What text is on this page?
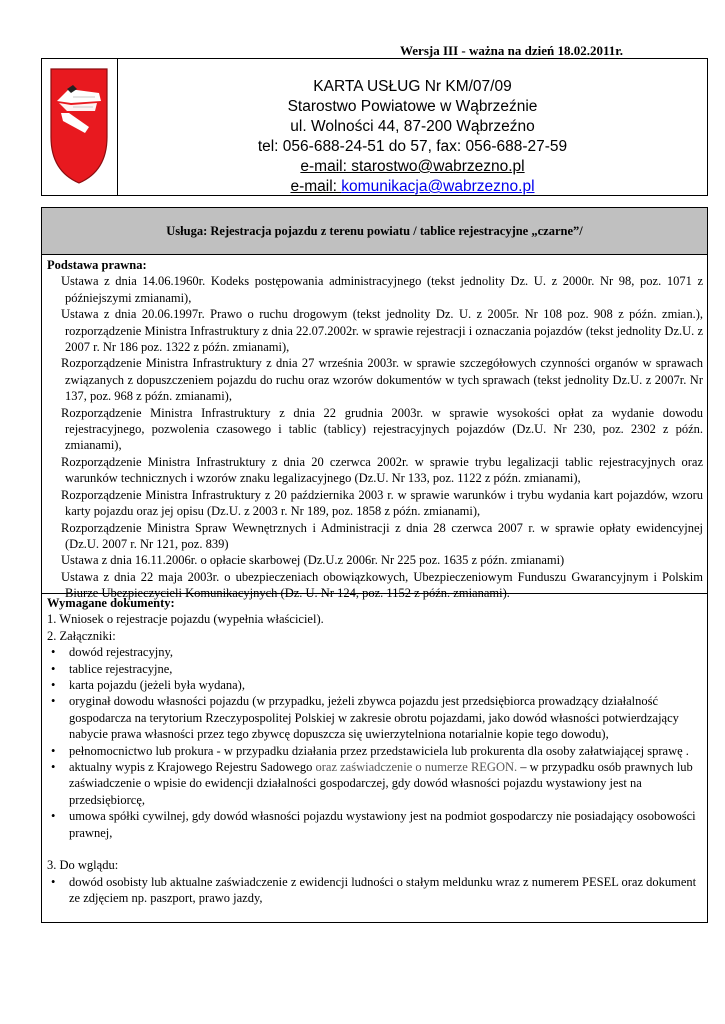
Wersja III - ważna na dzień 18.02.2011r.
KARTA USŁUG Nr KM/07/09
Starostwo Powiatowe w Wąbrzeźnie
ul. Wolności 44, 87-200 Wąbrzeźno
tel: 056-688-24-51 do 57, fax: 056-688-27-59
e-mail: starostwo@wabrzezno.pl
e-mail: komunikacja@wabrzezno.pl
Usługa: Rejestracja pojazdu z terenu powiatu / tablice rejestracyjne „czarne”/
Podstawa prawna:
Ustawa z dnia 14.06.1960r. Kodeks postępowania administracyjnego (tekst jednolity Dz. U. z 2000r. Nr 98, poz. 1071 z późniejszymi zmianami),
Ustawa z dnia 20.06.1997r. Prawo o ruchu drogowym (tekst jednolity Dz. U. z 2005r. Nr 108 poz. 908 z późn. zmian.), rozporządzenie Ministra Infrastruktury z dnia 22.07.2002r. w sprawie rejestracji i oznaczania pojazdów (tekst jednolity Dz.U. z 2007 r. Nr 186 poz. 1322 z późn. zmianami),
Rozporządzenie Ministra Infrastruktury z dnia 27 września 2003r. w sprawie szczegółowych czynności organów w sprawach związanych z dopuszczeniem pojazdu do ruchu oraz wzorów dokumentów w tych sprawach (tekst jednolity Dz.U. z 2007r. Nr 137, poz. 968 z późn. zmianami),
Rozporządzenie Ministra Infrastruktury z dnia 22 grudnia 2003r. w sprawie wysokości opłat za wydanie dowodu rejestracyjnego, pozwolenia czasowego i tablic (tablicy) rejestracyjnych pojazdów (Dz.U. Nr 230, poz. 2302 z późn. zmianami),
Rozporządzenie Ministra Infrastruktury z dnia 20 czerwca 2002r. w sprawie trybu legalizacji tablic rejestracyjnych oraz warunków technicznych i wzorów znaku legalizacyjnego (Dz.U. Nr 133, poz. 1122 z późn. zmianami),
Rozporządzenie Ministra Infrastruktury z 20 października 2003 r. w sprawie warunków i trybu wydania kart pojazdów, wzoru karty pojazdu oraz jej opisu (Dz.U. z 2003 r. Nr 189, poz. 1858 z późn. zmianami),
Rozporządzenie Ministra Spraw Wewnętrznych i Administracji z dnia 28 czerwca 2007 r. w sprawie opłaty ewidencyjnej (Dz.U. 2007 r. Nr 121, poz. 839)
Ustawa z dnia 16.11.2006r. o opłacie skarbowej (Dz.U.z 2006r. Nr 225 poz. 1635 z późn. zmianami)
Ustawa z dnia 22 maja 2003r. o ubezpieczeniach obowiązkowych, Ubezpieczeniowym Funduszu Gwarancyjnym i Polskim Biurze Ubezpieczycieli Komunikacyjnych (Dz. U. Nr 124, poz. 1152 z późn. zmianami).
Wymagane dokumenty:
1. Wniosek o rejestracje pojazdu (wypełnia właściciel).
2. Załączniki:
• dowód rejestracyjny,
• tablice rejestracyjne,
• karta pojazdu (jeżeli była wydana),
• oryginał dowodu własności pojazdu (w przypadku, jeżeli zbywca pojazdu jest przedsiębiorca prowadzący działalność gospodarcza na terytorium Rzeczypospolitej Polskiej w zakresie obrotu pojazdami, jako dowód własności potwierdzający nabycie prawa własności przez tego zbywcę dopuszcza się uwierzytelniona notarialnie kopie tego dowodu),
• pełnomocnictwo lub prokura - w przypadku działania przez przedstawiciela lub prokurenta dla osoby załatwiającej sprawę .
• aktualny wypis z Krajowego Rejestru Sadowego oraz zaświadczenie o numerze REGON. – w przypadku osób prawnych lub zaświadczenie o wpisie do ewidencji działalności gospodarczej, gdy dowód własności pojazdu wystawiony jest na przedsiębiorcę,
• umowa spółki cywilnej, gdy dowód własności pojazdu wystawiony jest na podmiot gospodarczy nie posiadający osobowości prawnej,
3. Do wglądu:
• dowód osobisty lub aktualne zaświadczenie z ewidencji ludności o stałym meldunku wraz z numerem PESEL oraz dokument ze zdjęciem np. paszport, prawo jazdy,
